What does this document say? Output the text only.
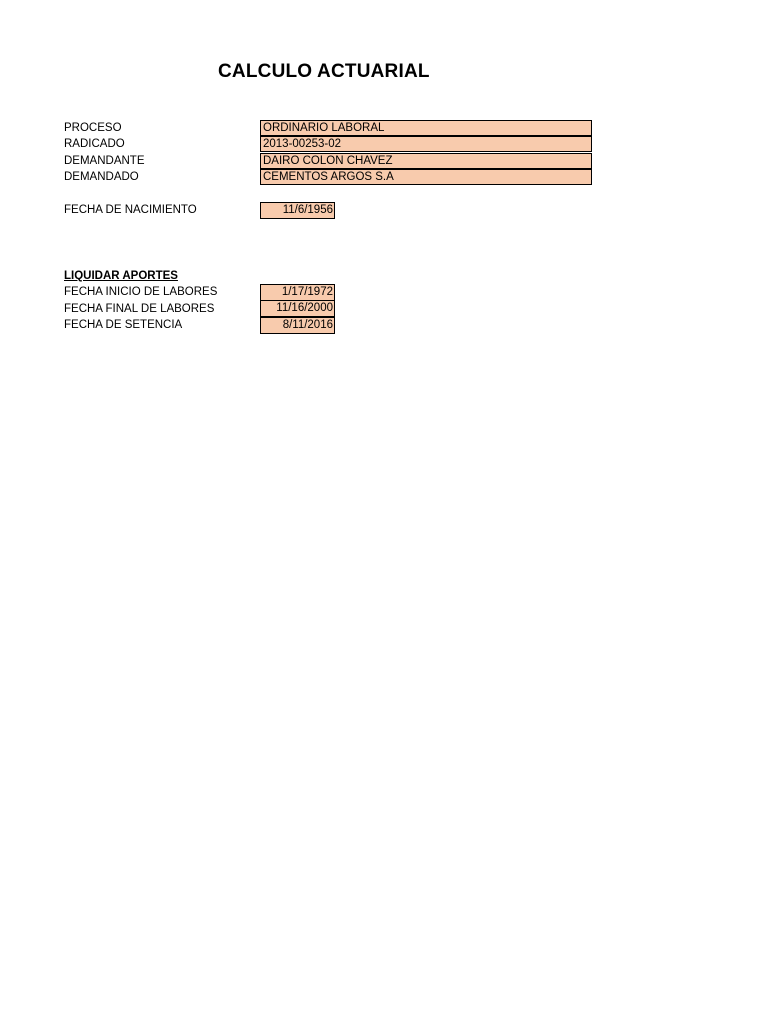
CALCULO ACTUARIAL
PROCESO	ORDINARIO LABORAL
RADICADO	2013-00253-02
DEMANDANTE	DAIRO COLON CHAVEZ
DEMANDADO	CEMENTOS ARGOS S.A
FECHA DE NACIMIENTO	11/6/1956
LIQUIDAR APORTES
FECHA INICIO DE LABORES	1/17/1972
FECHA FINAL DE LABORES	11/16/2000
FECHA DE SETENCIA	8/11/2016
